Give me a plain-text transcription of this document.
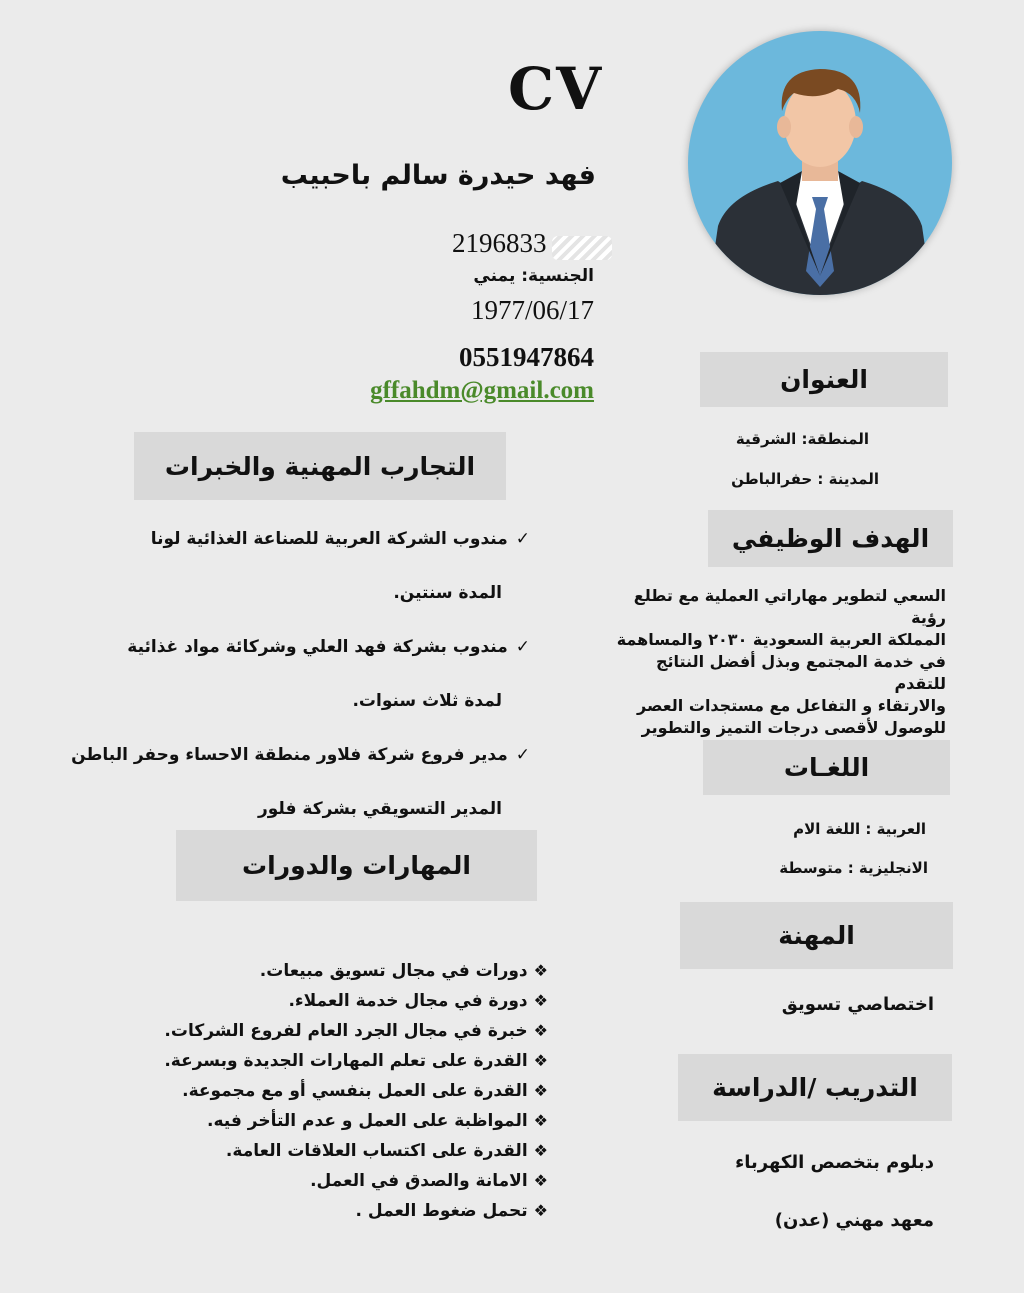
CV
فهد حيدرة سالم باحبيب
2196833
الجنسية: يمني
1977/06/17
0551947864
gffahdm@gmail.com	العنوان
المنطقة: الشرقية
المدينة : حفرالباطن
الهدف الوظيفي
السعي لتطوير مهاراتي العملية مع تطلع رؤية
المملكة العربية السعودية ٢٠٣٠ والمساهمة
في خدمة المجتمع وبذل أفضل النتائج للتقدم
والارتقاء و التفاعل مع مستجدات العصر
للوصول لأقصى درجات التميز والتطوير
اللغـات
العربية : اللغة الام
الانجليزية : متوسطة
المهنة
اختصاصي تسويق
التدريب /الدراسة
دبلوم بتخصص الكهرباء
معهد مهني (عدن)
التجارب المهنية والخبرات
✓مندوب الشركة العربية للصناعة الغذائية لونا
المدة سنتين.
✓مندوب بشركة فهد العلي وشركائة مواد غذائية
لمدة ثلاث سنوات.
✓مدير فروع شركة فلاور منطقة الاحساء وحفر الباطن
المدير التسويقي بشركة فلور
المهارات والدورات
❖دورات في مجال تسويق مبيعات.
❖دورة في مجال خدمة العملاء.
❖خبرة في مجال الجرد العام لفروع الشركات.
❖القدرة على تعلم المهارات الجديدة وبسرعة.
❖القدرة على العمل بنفسي أو مع مجموعة.
❖المواظبة على العمل و عدم التأخر فيه.
❖القدرة على اكتساب العلاقات العامة.
❖الامانة والصدق في العمل.
❖تحمل ضغوط العمل .
